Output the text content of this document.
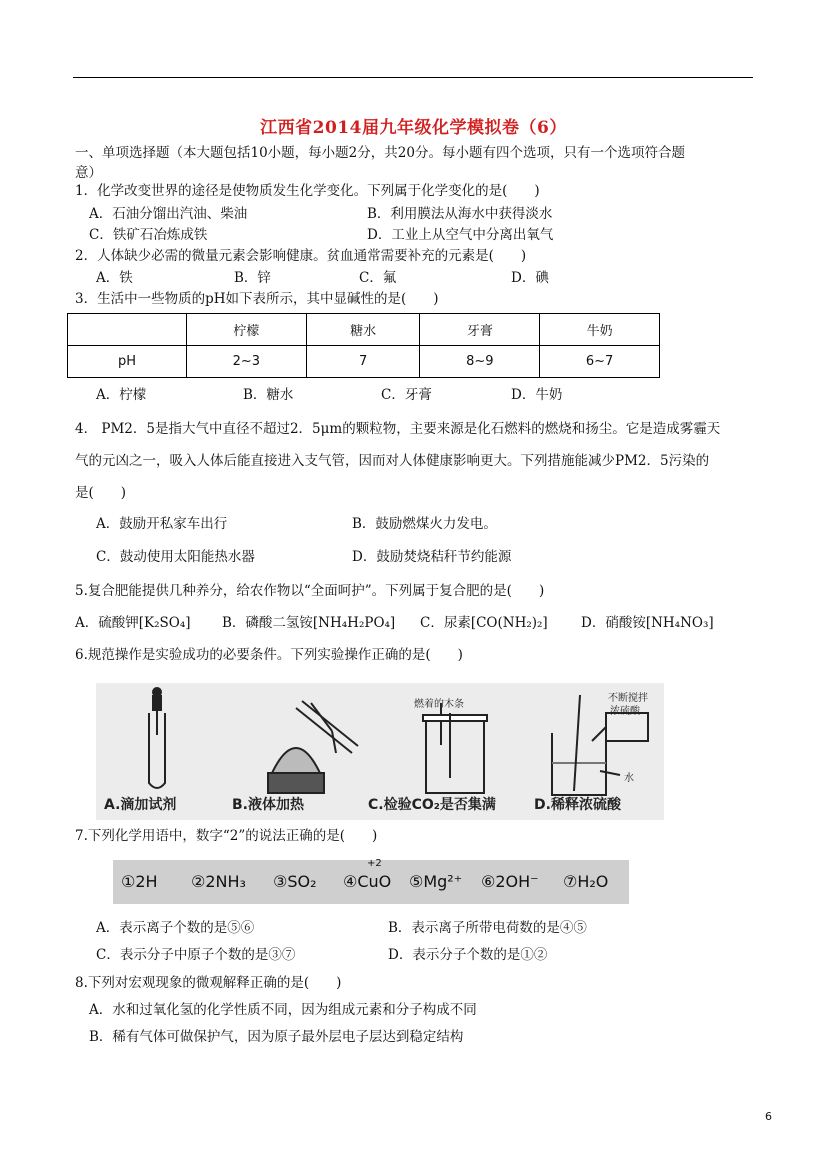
江西省2014届九年级化学模拟卷（6）
一、单项选择题（本大题包括10小题，每小题2分，共20分。每小题有四个选项，只有一个选项符合题
意）
1．化学改变世界的途径是使物质发生化学变化。下列属于化学变化的是(　　)
A．石油分馏出汽油、柴油	B．利用膜法从海水中获得淡水
C．铁矿石冶炼成铁	D．工业上从空气中分离出氧气
2．人体缺少必需的微量元素会影响健康。贫血通常需要补充的元素是(　　)
A．铁	B．锌	C．氟	D．碘
3．生活中一些物质的pH如下表所示，其中显碱性的是(　　)
	柠檬	糖水	牙膏	牛奶
pH	2~3	7	8~9	6~7
A．柠檬	B．糖水	C．牙膏	D．牛奶
4． PM2．5是指大气中直径不超过2．5μm的颗粒物，主要来源是化石燃料的燃烧和扬尘。它是造成雾霾天
气的元凶之一，吸入人体后能直接进入支气管，因而对人体健康影响更大。下列措施能减少PM2．5污染的
是(　　)
A．鼓励开私家车出行	B．鼓励燃煤火力发电。
C．鼓动使用太阳能热水器	D．鼓励焚烧秸秆节约能源
5.复合肥能提供几种养分，给农作物以“全面呵护”。下列属于复合肥的是(　　)
A．硫酸钾[K₂SO₄] B．磷酸二氢铵[NH₄H₂PO₄] C．尿素[CO(NH₂)₂] D．硝酸铵[NH₄NO₃]
6.规范操作是实验成功的必要条件。下列实验操作正确的是(　　)
燃着的木条
不断搅拌
浓硫酸
水
A.滴加试剂	B.液体加热	C.检验CO₂是否集满	D.稀释浓硫酸
7.下列化学用语中，数字“2”的说法正确的是(　　)
①2H ②2NH₃ ③SO₂ ④CuO
+2
⑤Mg²⁺ ⑥2OH⁻ ⑦H₂O
A．表示离子个数的是⑤⑥	B．表示离子所带电荷数的是④⑤
C．表示分子中原子个数的是③⑦	D．表示分子个数的是①②
8.下列对宏观现象的微观解释正确的是(　　)
A．水和过氧化氢的化学性质不同，因为组成元素和分子构成不同
B．稀有气体可做保护气，因为原子最外层电子层达到稳定结构
6
